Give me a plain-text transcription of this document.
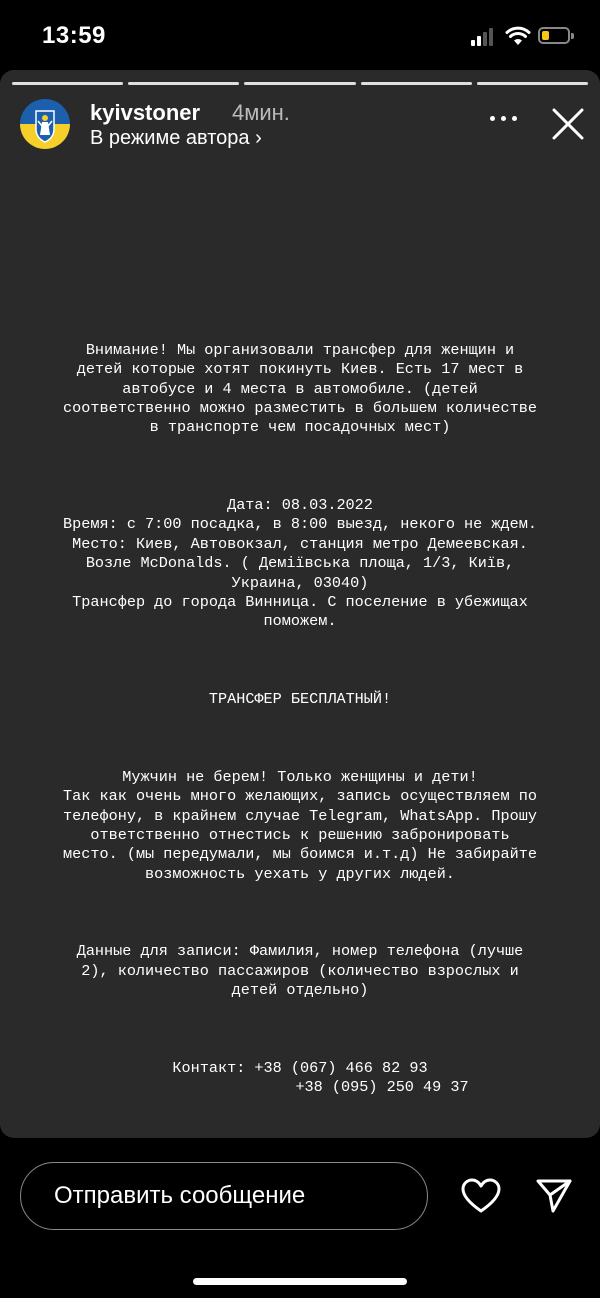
13:59
kyivstoner 4мин.
В режиме автора ›

Внимание! Мы организовали трансфер для женщин и
детей которые хотят покинуть Киев. Есть 17 мест в
автобусе и 4 места в автомобиле. (детей
соответственно можно разместить в большем количестве
в транспорте чем посадочных мест)

Дата: 08.03.2022
Время: с 7:00 посадка, в 8:00 выезд, некого не ждем.
Место: Киев, Автовокзал, станция метро Демеевская.
Возле McDonalds. ( Деміївська площа, 1/3, Київ,
Украина, 03040)
Трансфер до города Винница. С поселение в убежищах
поможем.

ТРАНСФЕР БЕСПЛАТНЫЙ!

Мужчин не берем! Только женщины и дети!
Так как очень много желающих, запись осуществляем по
телефону, в крайнем случае Telegram, WhatsApp. Прошу
ответственно отнестись к решению забронировать
место. (мы передумали, мы боимся и.т.д) Не забирайте
возможность уехать у других людей.

Данные для записи: Фамилия, номер телефона (лучше
2), количество пассажиров (количество взрослых и
детей отдельно)

Контакт: +38 (067) 466 82 93
+38 (095) 250 49 37

Отправить сообщение
